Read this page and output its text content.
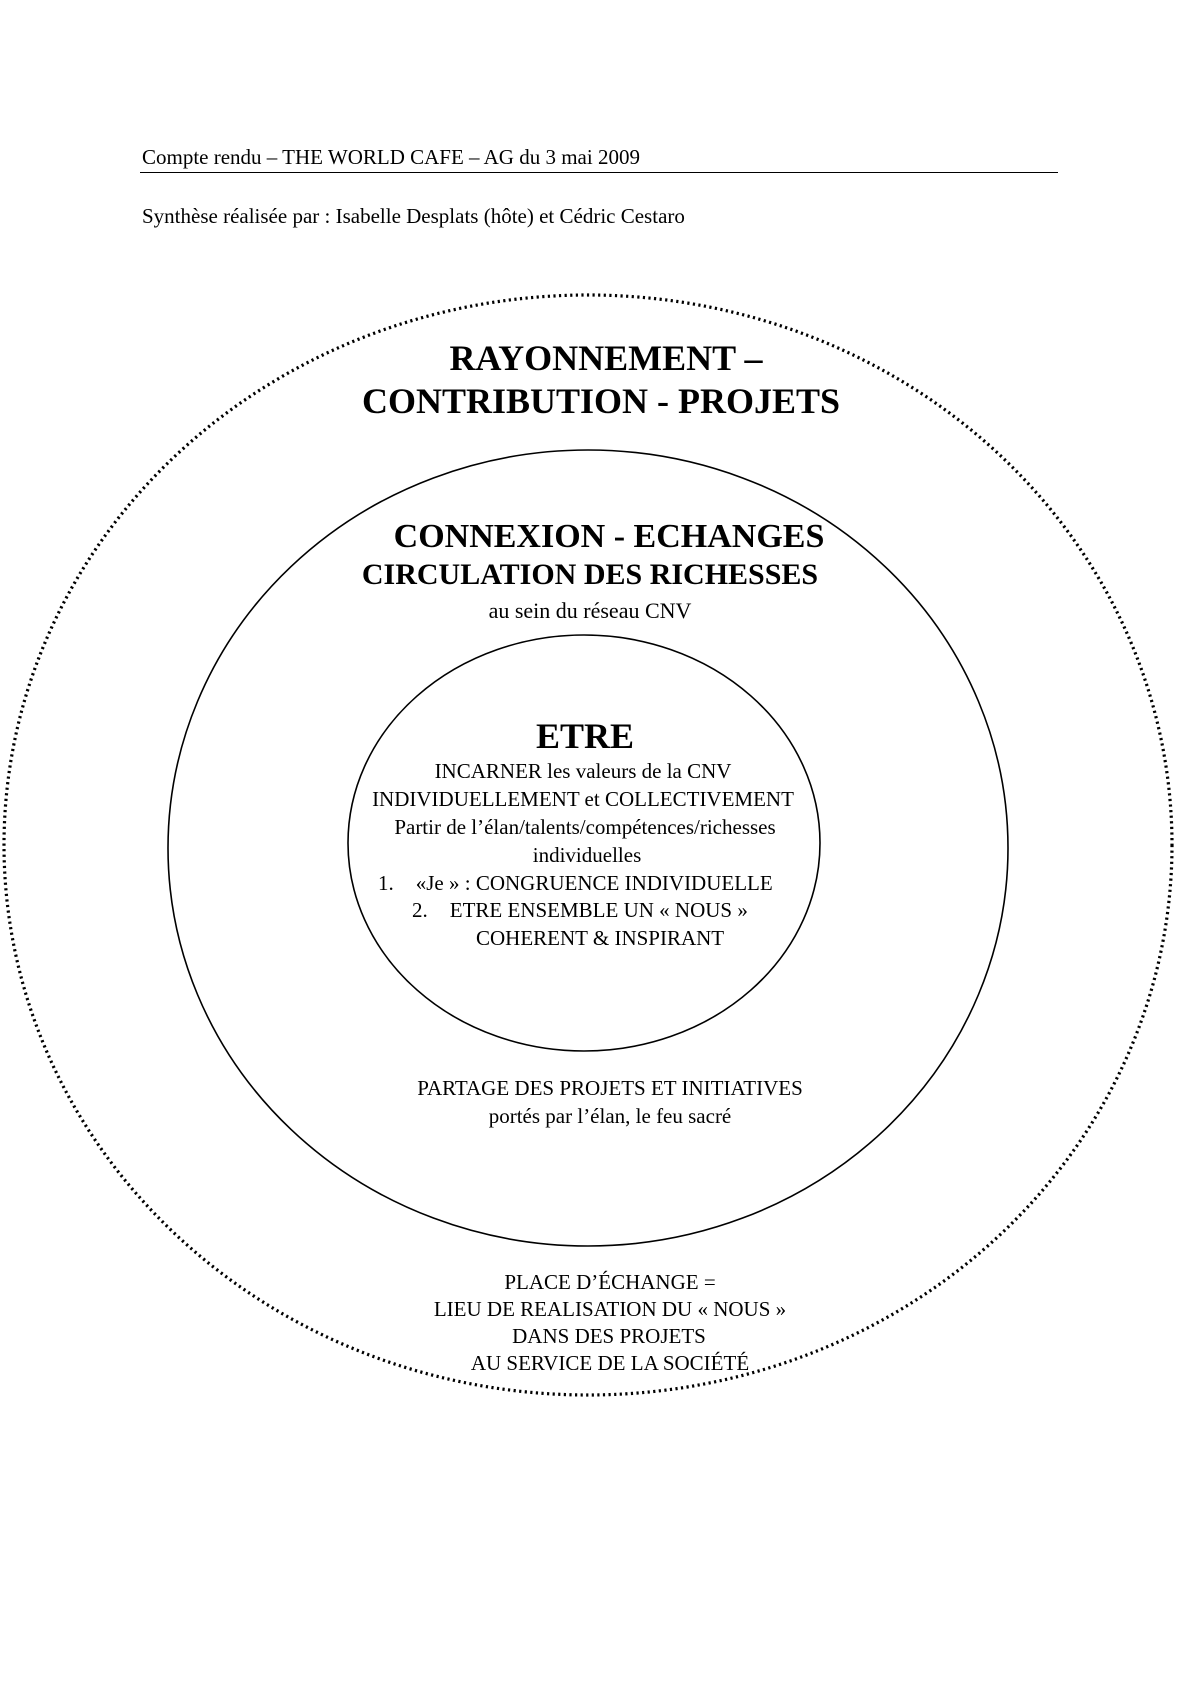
Compte rendu – THE WORLD CAFE – AG du 3 mai 2009
Synthèse réalisée par : Isabelle Desplats (hôte) et Cédric Cestaro
RAYONNEMENT –
CONTRIBUTION - PROJETS
CONNEXION - ECHANGES
CIRCULATION DES RICHESSES
au sein du réseau CNV
ETRE
INCARNER les valeurs de la CNV
INDIVIDUELLEMENT et COLLECTIVEMENT
Partir de l’élan/talents/compétences/richesses
individuelles
1. «Je » : CONGRUENCE INDIVIDUELLE
2. ETRE ENSEMBLE UN « NOUS »
COHERENT & INSPIRANT
PARTAGE DES PROJETS ET INITIATIVES
portés par l’élan, le feu sacré
PLACE D’ÉCHANGE =
LIEU DE REALISATION DU « NOUS »
DANS DES PROJETS
AU SERVICE DE LA SOCIÉTÉ
